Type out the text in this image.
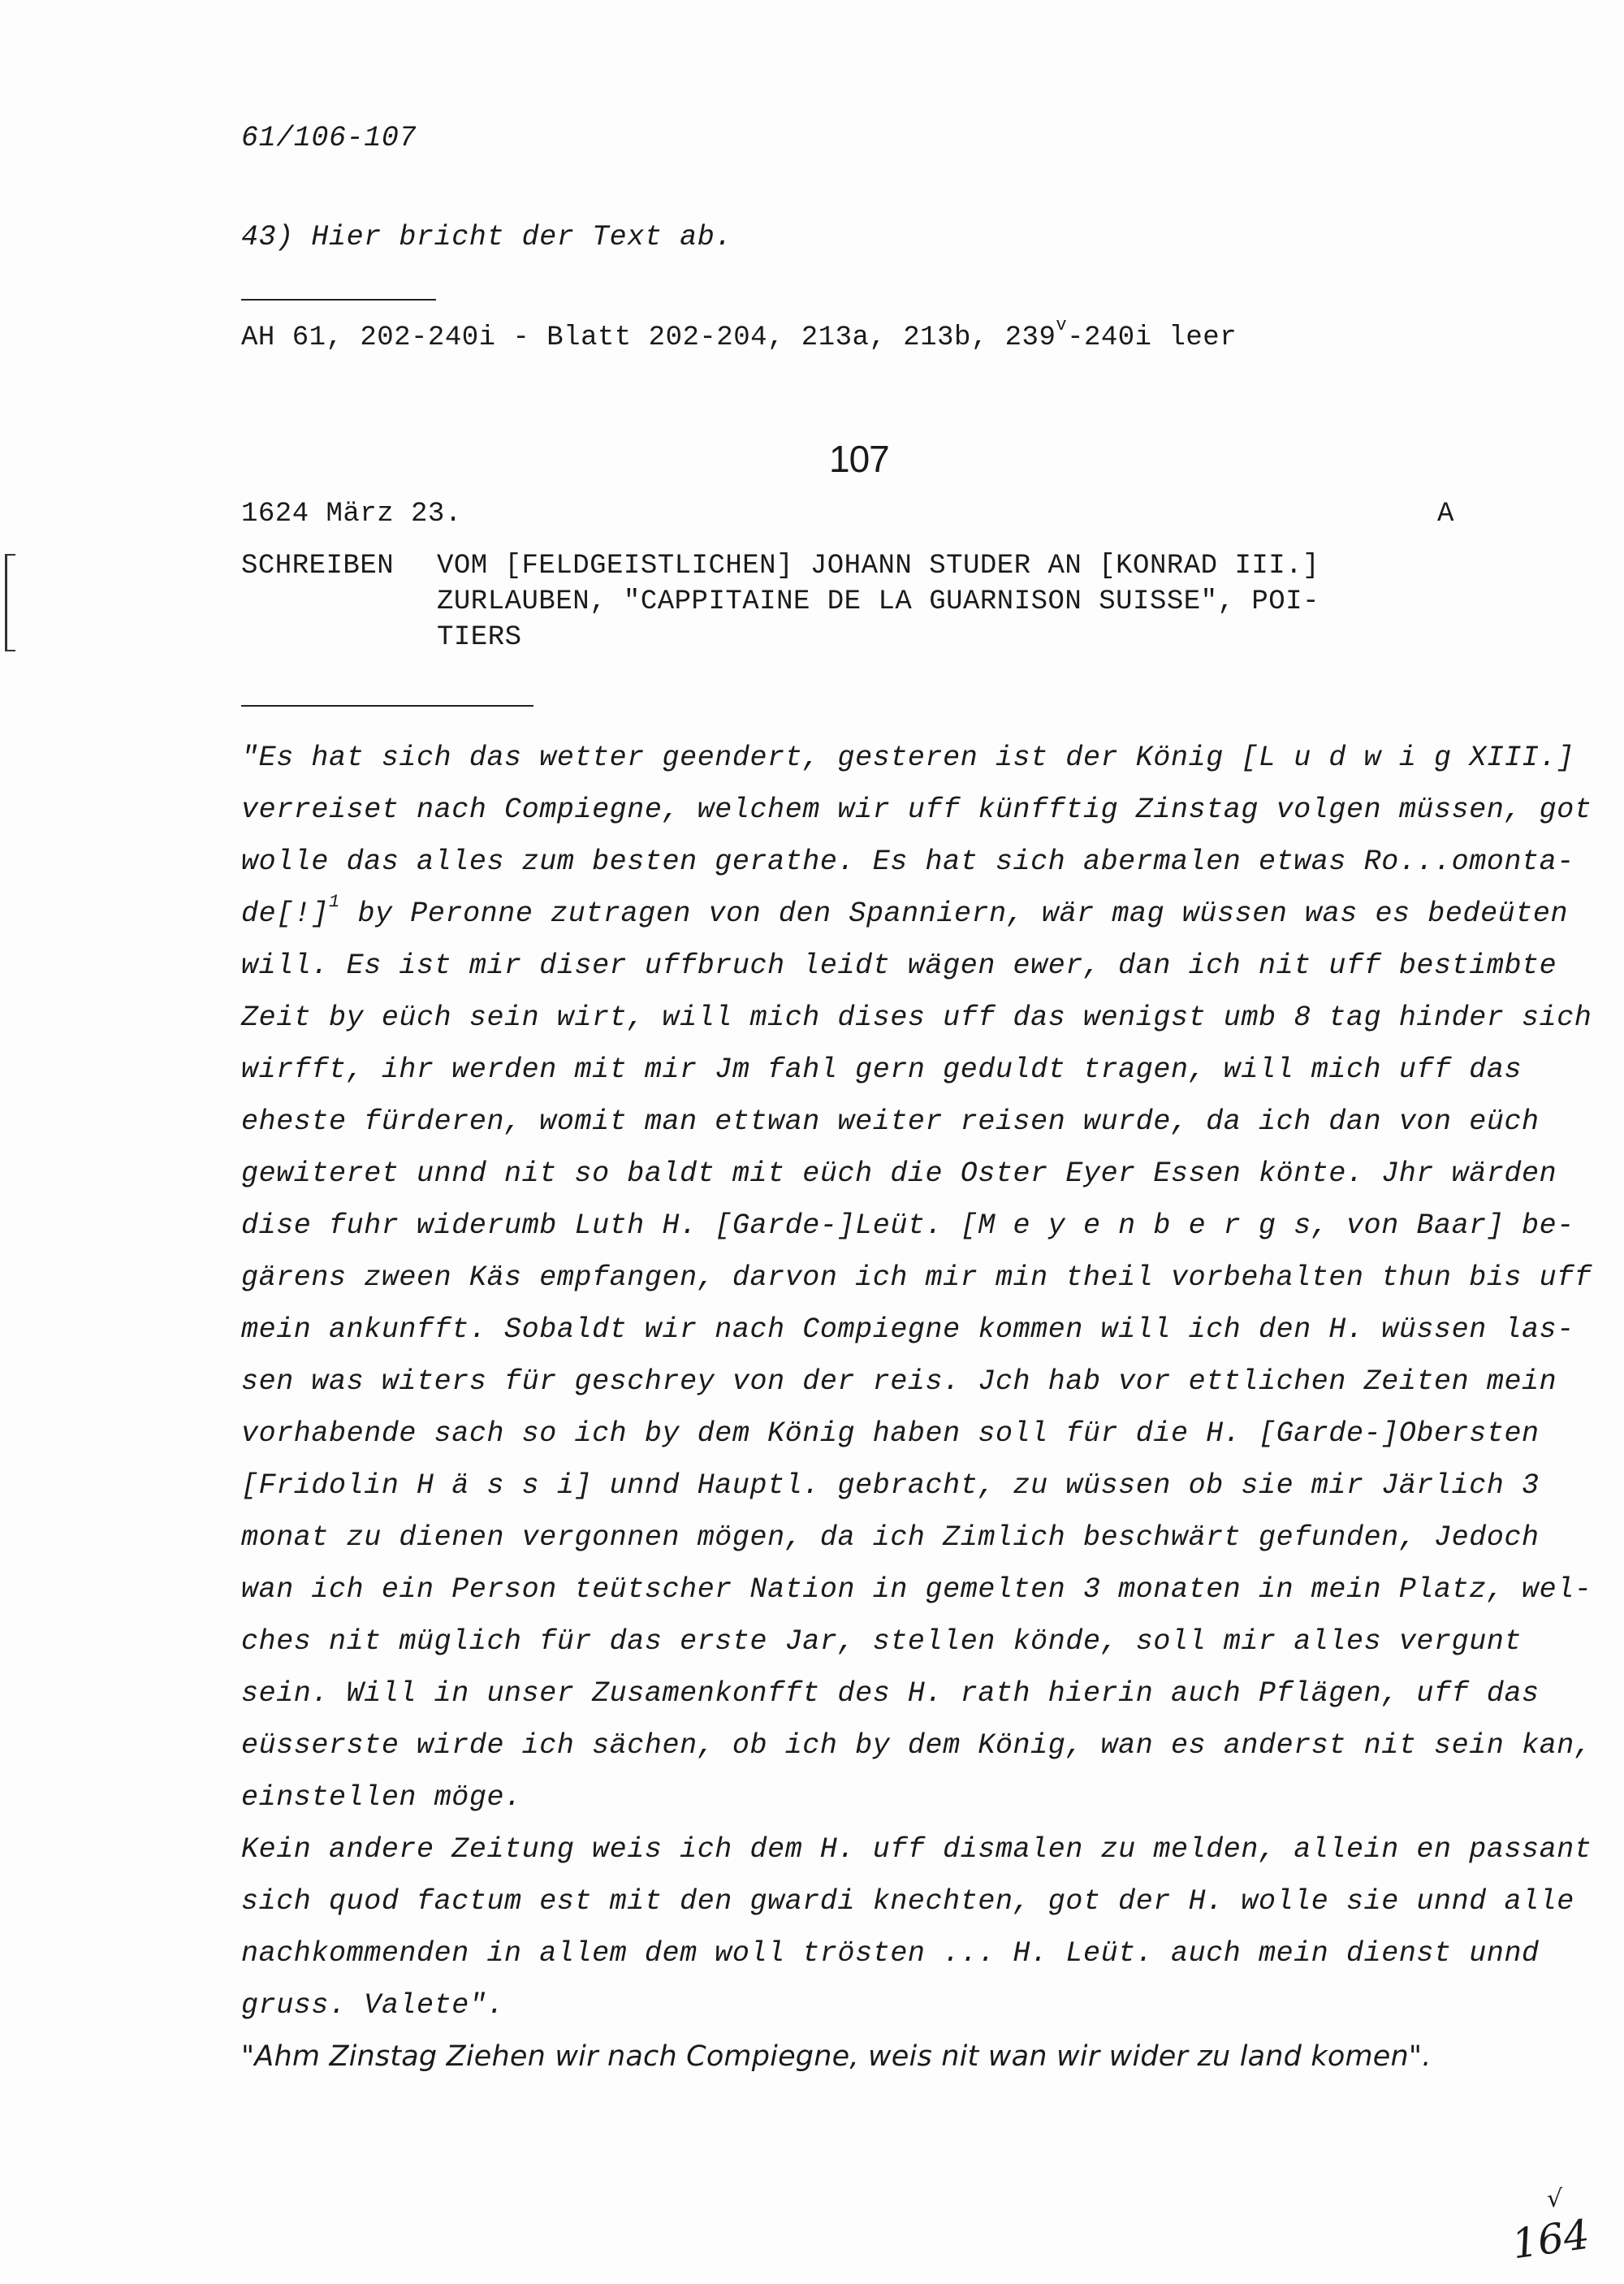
61/106-107
43) Hier bricht der Text ab.
AH 61, 202-240i - Blatt 202-204, 213a, 213b, 239$^v$-240i leer
107
1624 März 23.	A
SCHREIBEN VOM [FELDGEISTLICHEN] JOHANN STUDER AN [KONRAD III.]
ZURLAUBEN, "CAPPITAINE DE LA GUARNISON SUISSE", POI-
TIERS
"Es hat sich das wetter geendert, gesteren ist der König [L u d w i g XIII.]
verreiset nach Compiegne, welchem wir uff künfftig Zinstag volgen müssen, got
wolle das alles zum besten gerathe. Es hat sich abermalen etwas Ro...omonta-
de[!]$^1$ by Peronne zutragen von den Spanniern, wär mag wüssen was es bedeüten
will. Es ist mir diser uffbruch leidt wägen ewer, dan ich nit uff bestimbte
Zeit by eüch sein wirt, will mich dises uff das wenigst umb 8 tag hinder sich
wirfft, ihr werden mit mir Jm fahl gern geduldt tragen, will mich uff das
eheste fürderen, womit man ettwan weiter reisen wurde, da ich dan von eüch
gewiteret unnd nit so baldt mit eüch die Oster Eyer Essen könte. Jhr wärden
dise fuhr widerumb Luth H. [Garde-]Leüt. [M e y e n b e r g s, von Baar] be-
gärens zween Käs empfangen, darvon ich mir min theil vorbehalten thun bis uff
mein ankunfft. Sobaldt wir nach Compiegne kommen will ich den H. wüssen las-
sen was witers für geschrey von der reis. Jch hab vor ettlichen Zeiten mein
vorhabende sach so ich by dem König haben soll für die H. [Garde-]Obersten
[Fridolin H ä s s i] unnd Hauptl. gebracht, zu wüssen ob sie mir Järlich 3
monat zu dienen vergonnen mögen, da ich Zimlich beschwärt gefunden, Jedoch
wan ich ein Person teütscher Nation in gemelten 3 monaten in mein Platz, wel-
ches nit müglich für das erste Jar, stellen könde, soll mir alles vergunt
sein. Will in unser Zusamenkonfft des H. rath hierin auch Pflägen, uff das
eüsserste wirde ich sächen, ob ich by dem König, wan es anderst nit sein kan,
einstellen möge.
Kein andere Zeitung weis ich dem H. uff dismalen zu melden, allein en passant
sich quod factum est mit den gwardi knechten, got der H. wolle sie unnd alle
nachkommenden in allem dem woll trösten ... H. Leüt. auch mein dienst unnd
gruss. Valete".
"Ahm Zinstag Ziehen wir nach Compiegne, weis nit wan wir wider zu land komen".
√
164
